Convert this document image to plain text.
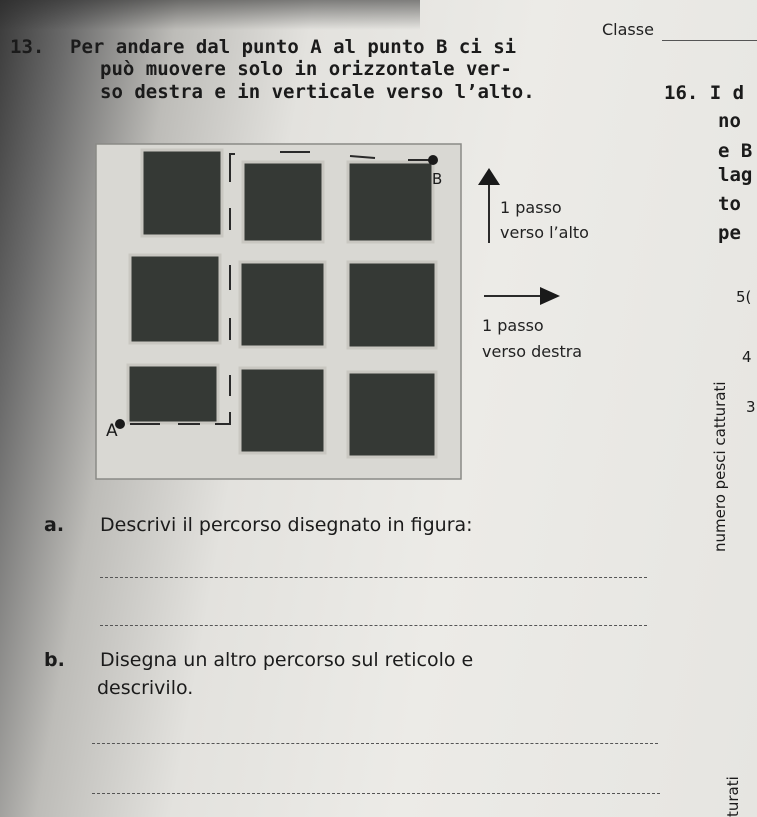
Classe
13. Per andare dal punto A al punto B ci si
può muovere solo in orizzontale ver-
so destra e in verticale verso l’alto.
A
B
1 passo
verso l’alto
1 passo
verso destra
a. Descrivi il percorso disegnato in figura:
b. Disegna un altro percorso sul reticolo e
descrivilo.
16. I d
no
e B
lag
to
pe
5(
4
3
numero pesci catturati
turati
